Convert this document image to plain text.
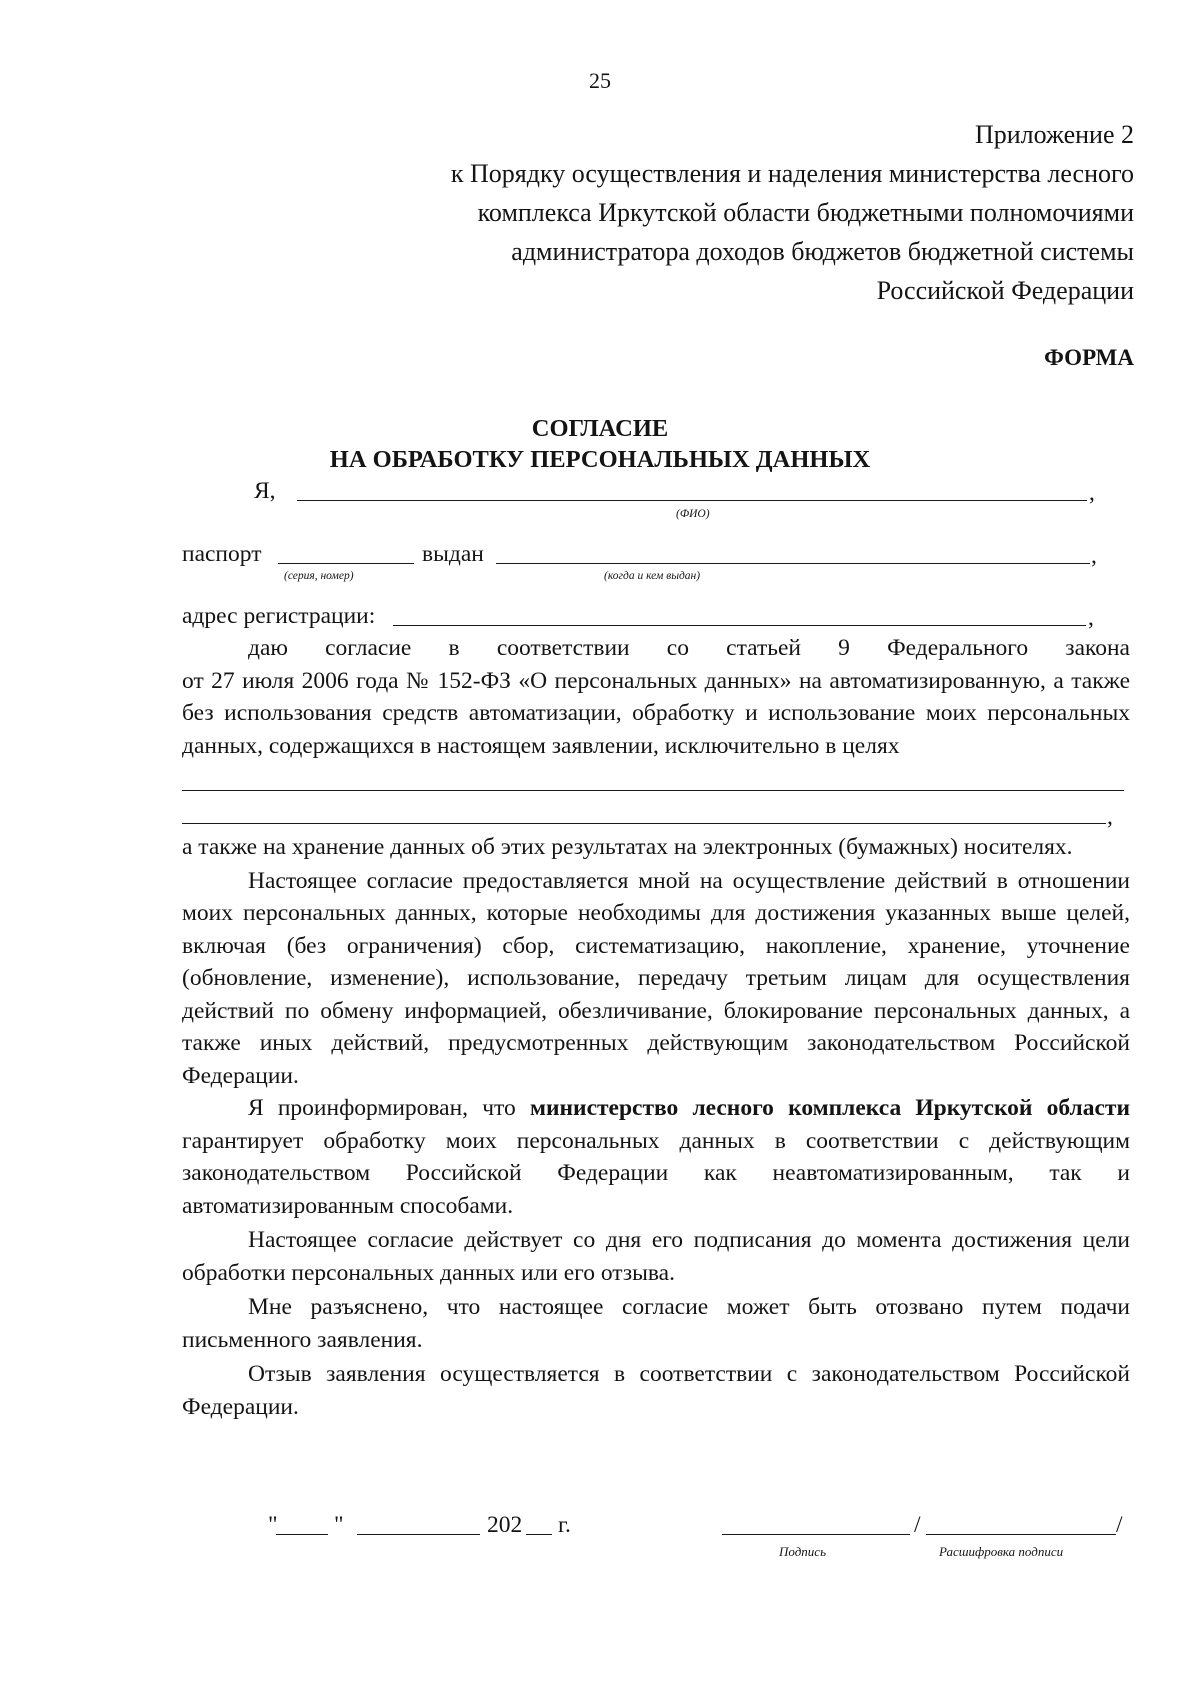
25
Приложение 2
к Порядку осуществления и наделения министерства лесного
комплекса Иркутской области бюджетными полномочиями
администратора доходов бюджетов бюджетной системы
Российской Федерации
ФОРМА
СОГЛАСИЕ
НА ОБРАБОТКУ ПЕРСОНАЛЬНЫХ ДАННЫХ
Я,	,
(ФИО)
паспорт
(серия, номер)
выдан	,
(когда и кем выдан)
адрес регистрации:	,

даю согласие в соответствии со статьей 9 Федерального закона

от 27 июля 2006 года № 152-ФЗ «О персональных данных» на автоматизированную, а также без использования средств автоматизации, обработку и использование моих персональных данных, содержащихся в настоящем заявлении, исключительно в целях

,

а также на хранение данных об этих результатах на электронных (бумажных) носителях.

Настоящее согласие предоставляется мной на осуществление действий в отношении моих персональных данных, которые необходимы для достижения указанных выше целей, включая (без ограничения) сбор, систематизацию, накопление, хранение, уточнение (обновление, изменение), использование, передачу третьим лицам для осуществления действий по обмену информацией, обезличивание, блокирование персональных данных, а также иных действий, предусмотренных действующим законодательством Российской Федерации.

Я проинформирован, что министерство лесного комплекса Иркутской области гарантирует обработку моих персональных данных в соответствии с действующим законодательством Российской Федерации как неавтоматизированным, так и автоматизированным способами.

Настоящее согласие действует со дня его подписания до момента достижения цели обработки персональных данных или его отзыва.

Мне разъяснено, что настоящее согласие может быть отозвано путем подачи письменного заявления.

Отзыв заявления осуществляется в соответствии с законодательством Российской Федерации.

" "	202 г.	/	/
Подпись	Расшифровка подписи
